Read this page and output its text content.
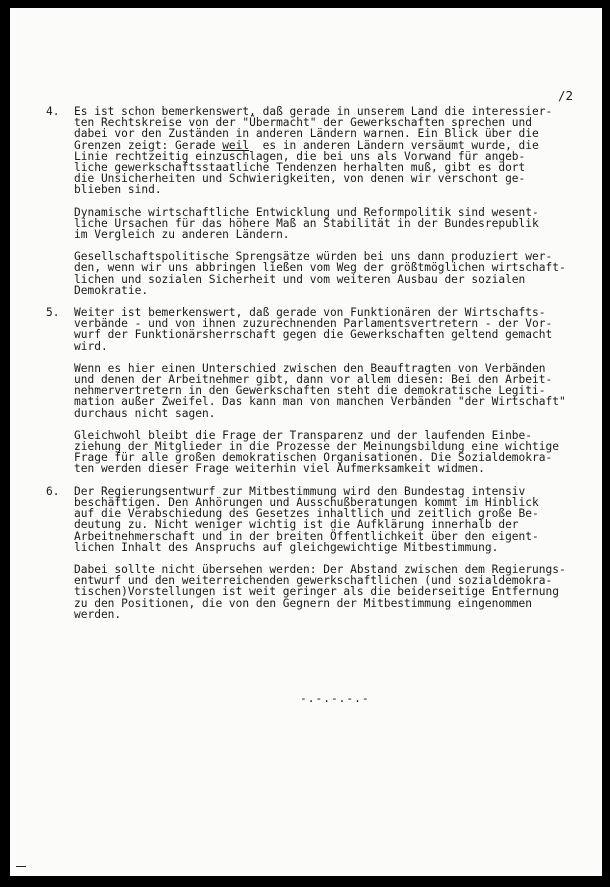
/2
4. Es ist schon bemerkenswert, daß gerade in unserem Land die interessier-
ten Rechtskreise von der "Übermacht" der Gewerkschaften sprechen und
dabei vor den Zuständen in anderen Ländern warnen. Ein Blick über die
Grenzen zeigt: Gerade weil  es in anderen Ländern versäumt wurde, die
Linie rechtzeitig einzuschlagen, die bei uns als Vorwand für angeb-
liche gewerkschaftsstaatliche Tendenzen herhalten muß, gibt es dort
die Unsicherheiten und Schwierigkeiten, von denen wir verschont ge-
blieben sind.
Dynamische wirtschaftliche Entwicklung und Reformpolitik sind wesent-
liche Ursachen für das höhere Maß an Stabilität in der Bundesrepublik
im Vergleich zu anderen Ländern.
Gesellschaftspolitische Sprengsätze würden bei uns dann produziert wer-
den, wenn wir uns abbringen ließen vom Weg der größtmöglichen wirtschaft-
lichen und sozialen Sicherheit und vom weiteren Ausbau der sozialen
Demokratie.
5. Weiter ist bemerkenswert, daß gerade von Funktionären der Wirtschafts-
verbände - und von ihnen zuzurechnenden Parlamentsvertretern - der Vor-
wurf der Funktionärsherrschaft gegen die Gewerkschaften geltend gemacht
wird.
Wenn es hier einen Unterschied zwischen den Beauftragten von Verbänden
und denen der Arbeitnehmer gibt, dann vor allem diesen: Bei den Arbeit-
nehmervertretern in den Gewerkschaften steht die demokratische Legiti-
mation außer Zweifel. Das kann man von manchen Verbänden "der Wirtschaft"
durchaus nicht sagen.
Gleichwohl bleibt die Frage der Transparenz und der laufenden Einbe-
ziehung der Mitglieder in die Prozesse der Meinungsbildung eine wichtige
Frage für alle großen demokratischen Organisationen. Die Sozialdemokra-
ten werden dieser Frage weiterhin viel Aufmerksamkeit widmen.
6. Der Regierungsentwurf zur Mitbestimmung wird den Bundestag intensiv
beschäftigen. Den Anhörungen und Ausschußberatungen kommt im Hinblick
auf die Verabschiedung des Gesetzes inhaltlich und zeitlich große Be-
deutung zu. Nicht weniger wichtig ist die Aufklärung innerhalb der
Arbeitnehmerschaft und in der breiten Öffentlichkeit über den eigent-
lichen Inhalt des Anspruchs auf gleichgewichtige Mitbestimmung.
Dabei sollte nicht übersehen werden: Der Abstand zwischen dem Regierungs-
entwurf und den weiterreichenden gewerkschaftlichen (und sozialdemokra-
tischen)Vorstellungen ist weit geringer als die beiderseitige Entfernung
zu den Positionen, die von den Gegnern der Mitbestimmung eingenommen
werden.
-.-.-.-.-
